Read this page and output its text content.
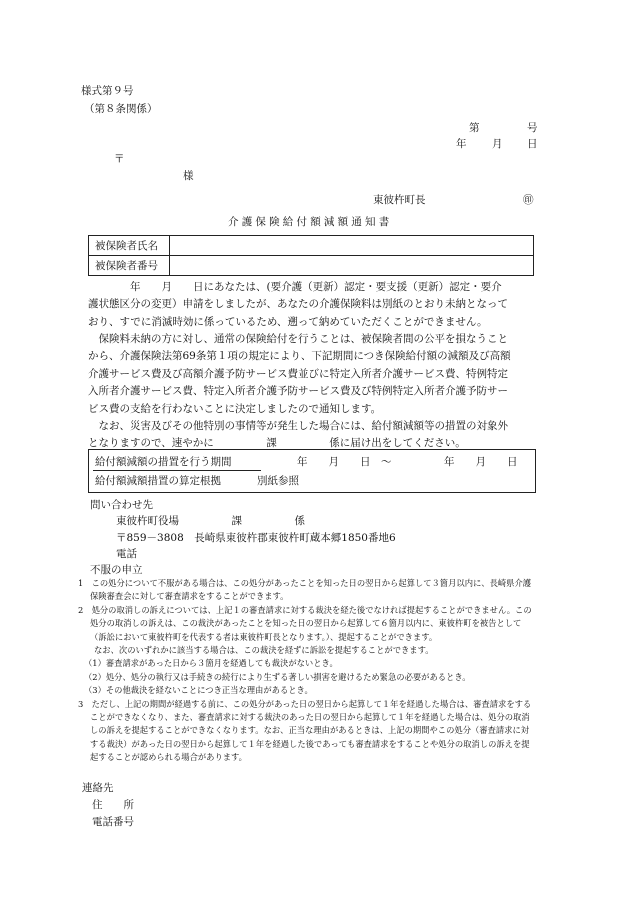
様式第９号
（第８条関係）
第	号
年 月 日
〒
様
東彼杵町長	㊞
介護保険給付額減額通知書
被保険者氏名	
被保険者番号	

　　　　年　　月　　日にあなたは、(要介護（更新）認定・要支援（更新）認定・要介

護状態区分の変更）申請をしましたが、あなたの介護保険料は別紙のとおり未納となって

おり、すでに消滅時効に係っているため、遡って納めていただくことができません。

　保険料未納の方に対し、通常の保険給付を行うことは、被保険者間の公平を損なうこと

から、介護保険法第69条第１項の規定により、下記期間につき保険給付額の減額及び高額

介護サービス費及び高額介護予防サービス費並びに特定入所者介護サービス費、特例特定

入所者介護サービス費、特定入所者介護予防サービス費及び特例特定入所者介護予防サー

ビス費の支給を行わないことに決定しましたので通知します。

　なお、災害及びその他特別の事情等が発生した場合には、給付額減額等の措置の対象外

となりますので、速やかに　　　　　課　　　　　係に届け出をしてください。

給付額減額の措置を行う期間	年　　月　　日　～　　　　　年　　月　　日
給付額減額措置の算定根拠	別紙参照
問い合わせ先
東彼杵町役場　　　　　課　　　　　係
〒859－3808　長崎県東彼杵郡東彼杵町蔵本郷1850番地6
電話
不服の申立

1　この処分について不服がある場合は、この処分があったことを知った日の翌日から起算して３箇月以内に、長崎県介護保険審査会に対して審査請求をすることができます。

2　処分の取消しの訴えについては、上記１の審査請求に対する裁決を経た後でなければ提起することができません。この処分の取消しの訴えは、この裁決があったことを知った日の翌日から起算して６箇月以内に、東彼杵町を被告として（訴訟において東彼杵町を代表する者は東彼杵町長となります。）、提起することができます。

なお、次のいずれかに該当する場合は、この裁決を経ずに訴訟を提起することができます。

（1）審査請求があった日から３箇月を経過しても裁決がないとき。

（2）処分、処分の執行又は手続きの続行により生ずる著しい損害を避けるため緊急の必要があるとき。

（3）その他裁決を経ないことにつき正当な理由があるとき。

3　ただし、上記の期間が経過する前に、この処分があった日の翌日から起算して１年を経過した場合は、審査請求をすることができなくなり、また、審査請求に対する裁決のあった日の翌日から起算して１年を経過した場合は、処分の取消しの訴えを提起することができなくなります。なお、正当な理由があるときは、上記の期間やこの処分（審査請求に対する裁決）があった日の翌日から起算して１年を経過した後であっても審査請求をすることや処分の取消しの訴えを提起することが認められる場合があります。

連絡先
住　　所
電話番号
